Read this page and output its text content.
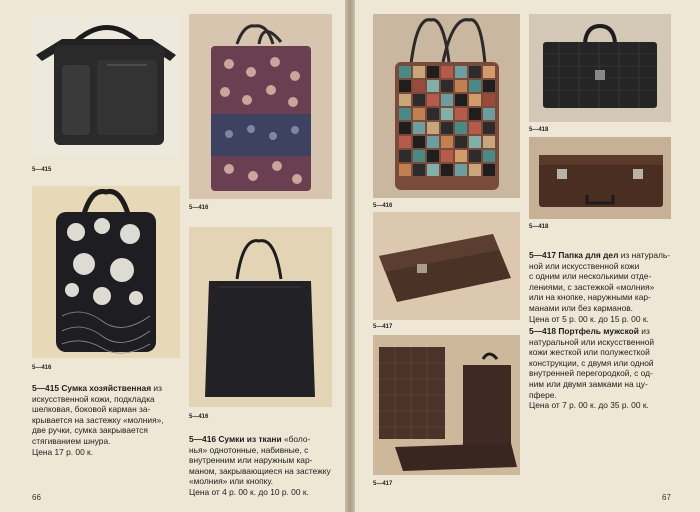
5—415
5—416
5—416
5—416
5—415 Сумка хозяйственная из
искусственной кожи, подкладка
шелковая, боковой карман за-
крывается на застежку «молния»,
две ручки, сумка закрывается
стягиванием шнура.

Цена 17 р. 00 к.
5—416 Сумки из ткани «боло-
нья» однотонные, набивные, с
внутренним или наружным кар-
маном, закрывающиеся на застежку
«молния» или кнопку.

Цена от 4 р. 00 к. до 10 р. 00 к.
66
5—416
5—418
5—418
5—417
5—417
5—417 Папка для дел из натураль-
ной или искусственной кожи
с одним или несколькими отде-
лениями, с застежкой «молния»
или на кнопке, наружными кар-
манами или без карманов.

Цена от 5 р. 00 к. до 15 р. 00 к.
5—418 Портфель мужской из
натуральной или искусственной
кожи жесткой или полужесткой
конструкции, с двумя или одной
внутренней перегородкой, с од-
ним или двумя замками на цу-
пфере.

Цена от 7 р. 00 к. до 35 р. 00 к.
67
